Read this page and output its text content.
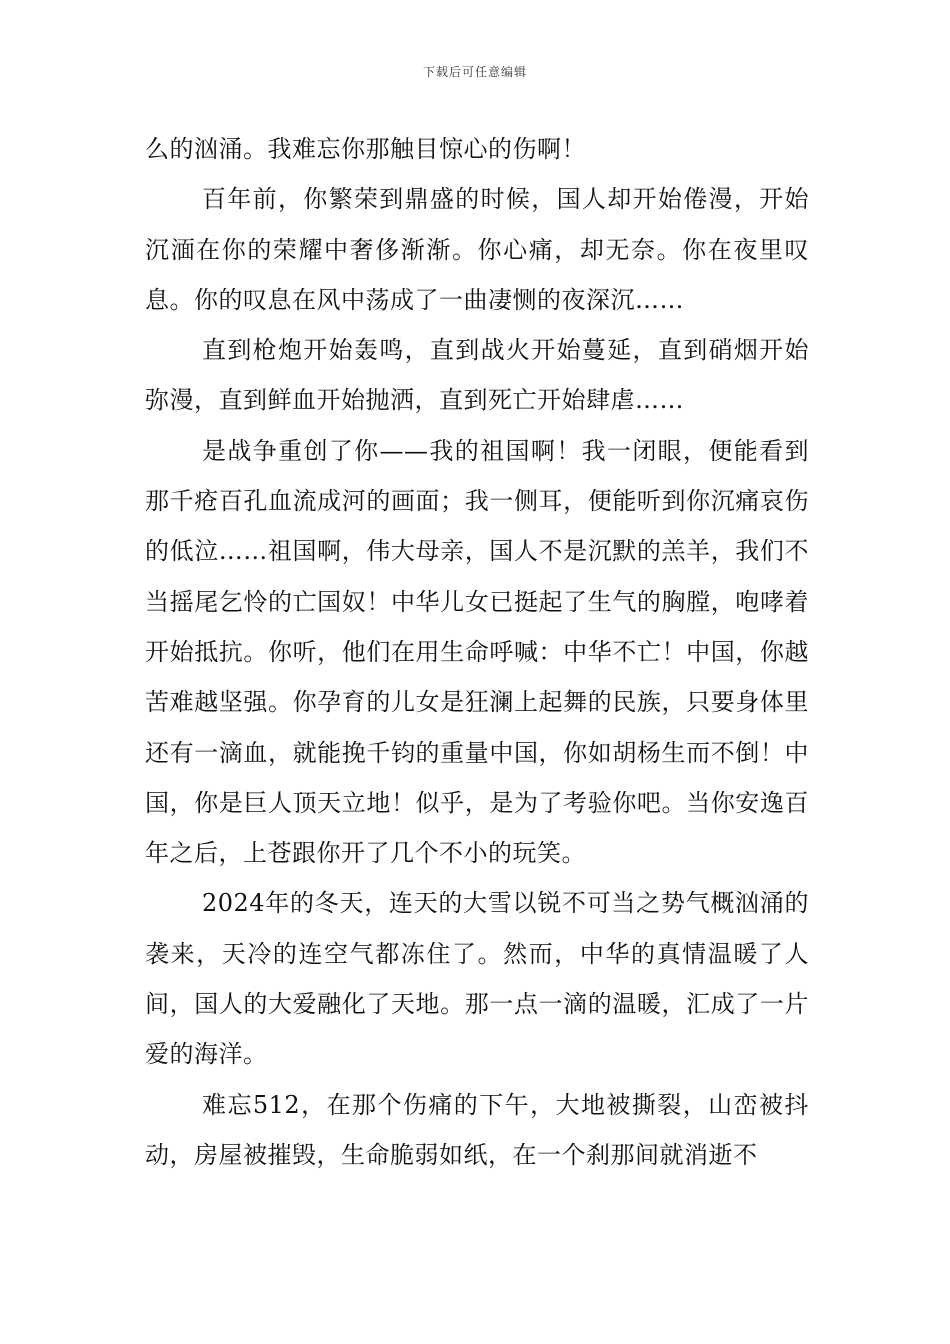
下载后可任意编辑

么的汹涌。我难忘你那触目惊心的伤啊！

百年前，你繁荣到鼎盛的时候，国人却开始倦漫，开始沉湎在你的荣耀中奢侈渐渐。你心痛，却无奈。你在夜里叹息。你的叹息在风中荡成了一曲凄恻的夜深沉……

直到枪炮开始轰鸣，直到战火开始蔓延，直到硝烟开始弥漫，直到鲜血开始抛洒，直到死亡开始肆虐……

是战争重创了你——我的祖国啊！我一闭眼，便能看到那千疮百孔血流成河的画面；我一侧耳，便能听到你沉痛哀伤的低泣……祖国啊，伟大母亲，国人不是沉默的羔羊，我们不当摇尾乞怜的亡国奴！中华儿女已挺起了生气的胸膛，咆哮着开始抵抗。你听，他们在用生命呼喊：中华不亡！中国，你越苦难越坚强。你孕育的儿女是狂澜上起舞的民族，只要身体里还有一滴血，就能挽千钧的重量中国，你如胡杨生而不倒！中国，你是巨人顶天立地！似乎，是为了考验你吧。当你安逸百年之后，上苍跟你开了几个不小的玩笑。

2024年的冬天，连天的大雪以锐不可当之势气概汹涌的袭来，天冷的连空气都冻住了。然而，中华的真情温暖了人间，国人的大爱融化了天地。那一点一滴的温暖，汇成了一片爱的海洋。

难忘512，在那个伤痛的下午，大地被撕裂，山峦被抖动，房屋被摧毁，生命脆弱如纸，在一个刹那间就消逝不
